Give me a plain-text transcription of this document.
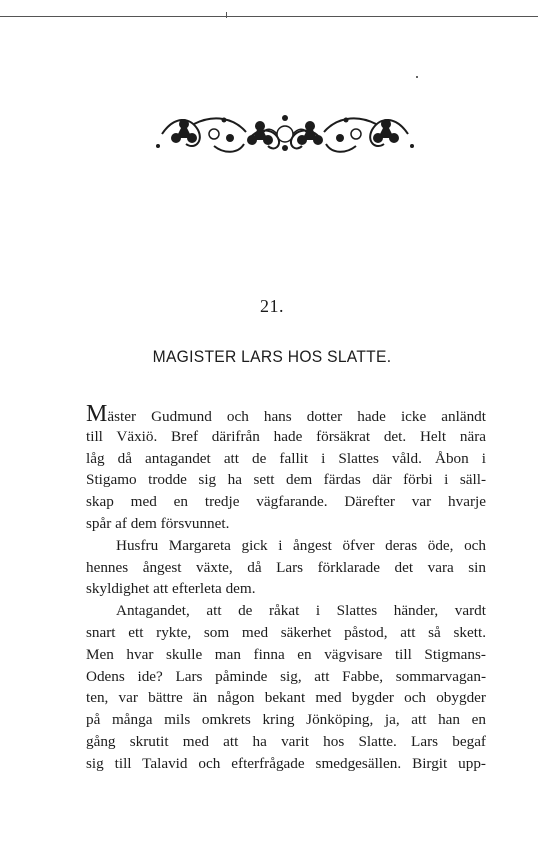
21.
MAGISTER LARS HOS SLATTE.
Mäster Gudmund och hans dotter hade icke anländt
till Växiö. Bref därifrån hade försäkrat det. Helt nära
låg då antagandet att de fallit i Slattes våld. Åbon i
Stigamo trodde sig ha sett dem färdas där förbi i säll-
skap med en tredje vägfarande. Därefter var hvarje
spår af dem försvunnet.
Husfru Margareta gick i ångest öfver deras öde, och
hennes ångest växte, då Lars förklarade det vara sin
skyldighet att efterleta dem.
Antagandet, att de råkat i Slattes händer, vardt
snart ett rykte, som med säkerhet påstod, att så skett.
Men hvar skulle man finna en vägvisare till Stigmans-
Odens ide? Lars påminde sig, att Fabbe, sommarvagan-
ten, var bättre än någon bekant med bygder och obygder
på många mils omkrets kring Jönköping, ja, att han en
gång skrutit med att ha varit hos Slatte. Lars begaf
sig till Talavid och efterfrågade smedgesällen. Birgit upp-
